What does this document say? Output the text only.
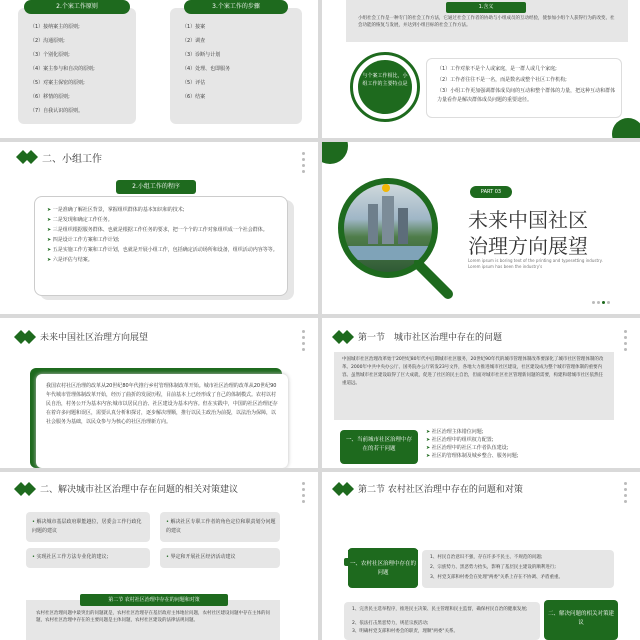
2.个案工作原则
（1）接纳案主的原则;
（2）沟通原则;
（3）个别化原则;
（4）案主参与和自决的原则;
（5）对案主保密的原则;
（6）移情的原则;
（7）自我认识的原则。
3.个案工作的步骤
（1）接案
（2）调查
（3）诊断与计划
（4）处理、也即服务
（5）评估
（6）结案
1.含义
小组社会工作是一种专门的社会工作方法，它通过社会工作者的协助与小组成员的互动经验，使参加小组个人获得行为的改变、社会功能的恢复与发展，并达到小组目标的社会工作方法。
与个案工作相比，小组工作的主要特点是
（1）工作对象不是个人或家庭，是一群人或几个家庭;
（2）工作者往往不是一名，而是数名或整个社区工作机构;
（3）小组工作更加强调群体成员间的互动和整个群体的力量，把这种互动和群体力量看作是解决群体成员问题的重要途径。
二、小组工作
2.小组工作的程序
➤ 一是准确了解社区背景，掌握组织群体的基本知识和的技术;
➤ 二是发现和确定工作任务。
➤ 三是组织根据服务群体、也就是根据工作任务的要求，把一个个的工作对象组织成一个社会群体。
➤ 四是设计工作方案和工作计划;
➤ 五是实施工作方案和工作计划，也就是开展小组工作，包括确定活动场所和设备，组织活动内容等等。
➤ 六是评估与结案。
PART 03
未来中国社区
治理方向展望
Lorem ipsum is boring text of the printing and typesetting industry. Lorem ipsum has been the industry's
未来中国社区治理方向展望
我国农村社区治理的改革从20世纪80年代推行乡村管理体制改革开始。城市社区治理的改革从20世纪90年代城市管理体制改革开始，经历了曲折的发展历程，目前基本上已经形成了自己的体制模式。农村以村民自治，村务公开为基本内容;城市以居民自治、社区建设为基本内容。但在实践中，中国的社区治理还存在着许多问题和误区，需要认真分析和探讨，逐步解决理顺，推行以民主政治为前提，以法治为保障，以社会服务为基础，以民众参与为核心的社区治理新方向。
第一节　城市社区治理中存在的问题
中国城市社区治理改革始于20世纪80年代中后期城市社区服务，20世纪90年代的城市管理体制改革要深化了城市社区管理体制的改革。2000年中共中央办公厅、国务院办公厅转发23号文件，各地大力推进城市社区建设，社区建设成为整个城市管理体制的重要内容。虽然城市社区建设取得了巨大成就，促进了社区的民主自治，但面对城市社区社区管理新问题的需要，构建和谐城市社区依然任重道远。
一、当前城市社区治理中存在的若干问题
➤ 社区治理主体错位问题;
➤ 社区治理中的组织权力配置;
➤ 社区治理中的社区工作者队伍建设;
➤ 社区的管理体制及城乡整合、服务问题;
二、解决城市社区治理中存在问题的相关对策建议
• 解决城市基层政府职能越位，居委会工作行政化问题的建议
• 解决社区专职工作者的角色定位和职责划分问题的建议
• 实现社区工作方法专业化的建议;	• 界定和开展社区经济活动建议
第二节 农村社区治理中存在的问题和对策
农村社区治理问题中最突出的问题就是，农村社区治理存在基层政府主体地位问题，农村社区建设问题中存在主体的问题，农村社区治理中存在的主要问题是主体问题，农村社区建设的法律法规问题。
第二节 农村社区治理中存在的问题和对策
一、农村社区治理中存在的问题
1、村民自治意识不强，存在许多不民主、不规范的问题;
2、宗族势力、黑恶势力抬头，影响了基层民主建设的顺利进行;
3、村党支部和村委会在处理"两委"关系上存在不协调、矛盾重重。
1、完善民主选举程序，推进民主决策、民主管理和民主监督，确保村民自治的健康发展;
2、依法打击黑恶势力，规范宗族活动;
3、明确村党支部和村委会的职责，理顺"两委"关系。
二、解决问题的相关对策建议
